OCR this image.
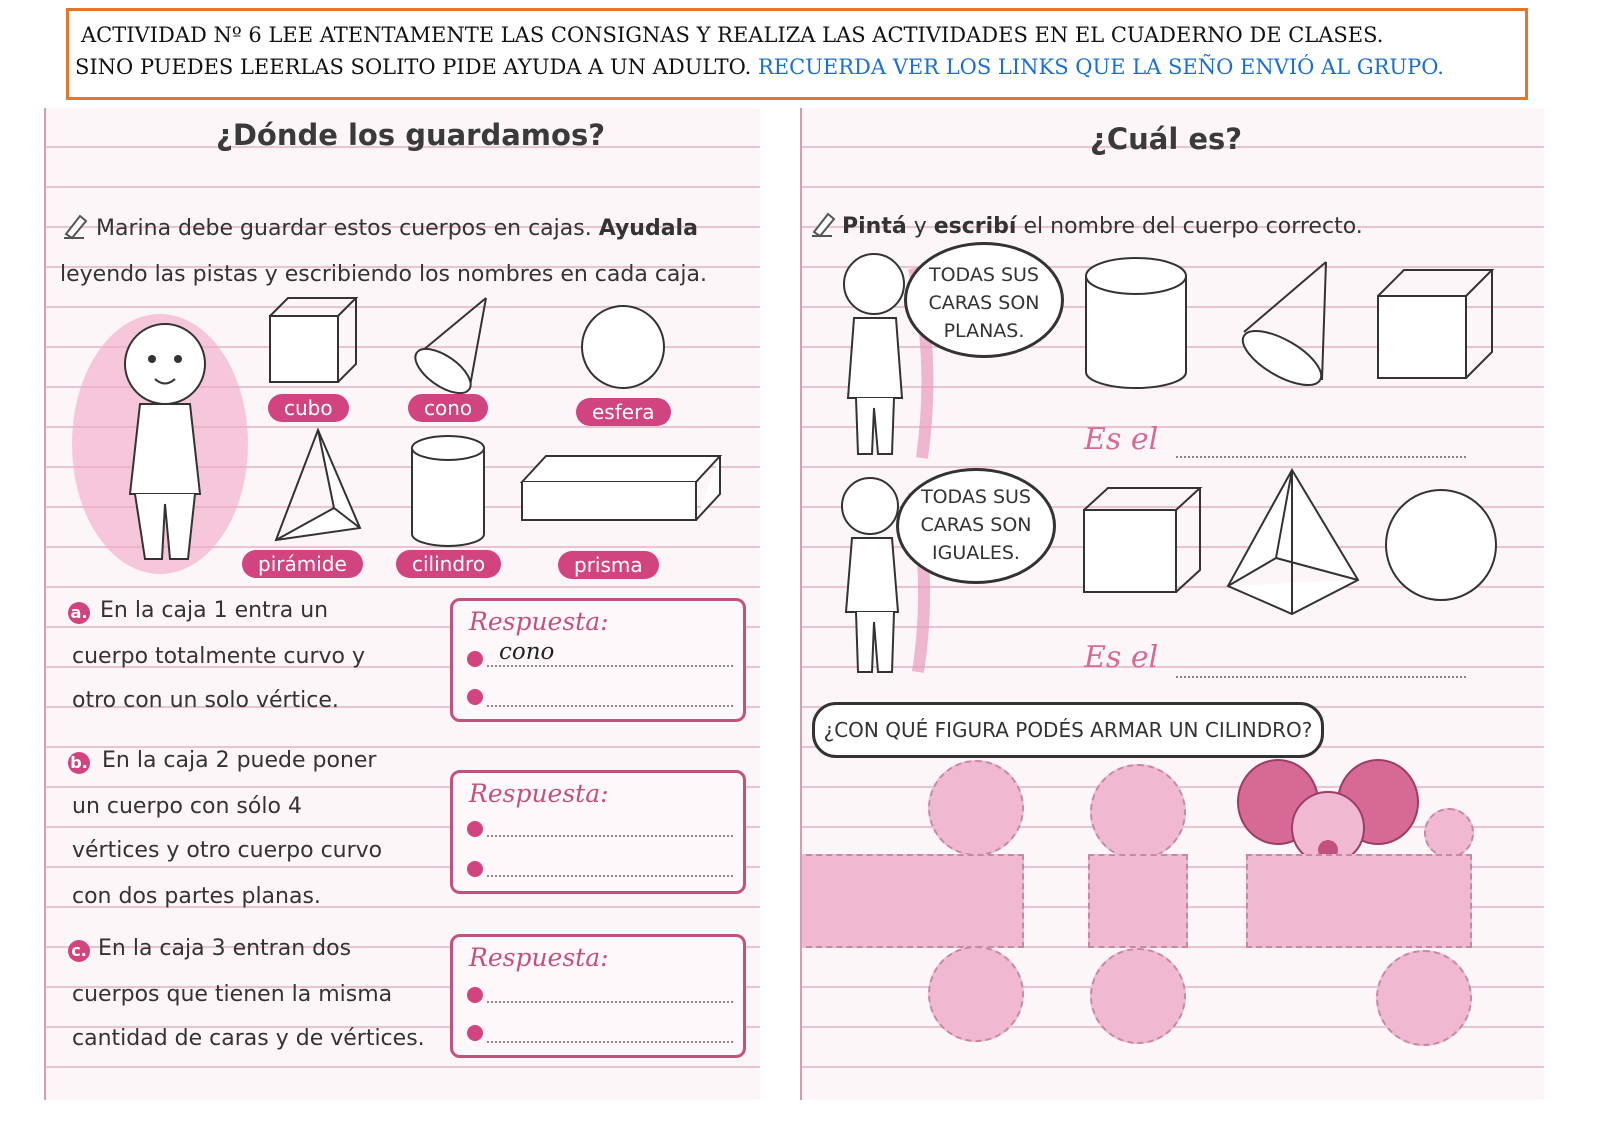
ACTIVIDAD Nº 6 LEE ATENTAMENTE LAS CONSIGNAS Y REALIZA LAS ACTIVIDADES EN EL CUADERNO DE CLASES.
SINO PUEDES LEERLAS SOLITO PIDE AYUDA A UN ADULTO. RECUERDA VER LOS LINKS QUE LA SEÑO ENVIÓ AL GRUPO.
¿Dónde los guardamos?
Marina debe guardar estos cuerpos en cajas. Ayudala
leyendo las pistas y escribiendo los nombres en cada caja.
cubo	cono	esfera
pirámide	cilindro	prisma
a. En la caja 1 entra un
cuerpo totalmente curvo y
otro con un solo vértice.
Respuesta:
cono
b. En la caja 2 puede poner
un cuerpo con sólo 4
vértices y otro cuerpo curvo
con dos partes planas.
Respuesta:
c. En la caja 3 entran dos
cuerpos que tienen la misma
cantidad de caras y de vértices.
Respuesta:
¿Cuál es?
Pintá y escribí el nombre del cuerpo correcto.
TODAS SUS
CARAS SON
PLANAS.
Es el
TODAS SUS
CARAS SON
IGUALES.
Es el
¿CON QUÉ FIGURA PODÉS ARMAR UN CILINDRO?
